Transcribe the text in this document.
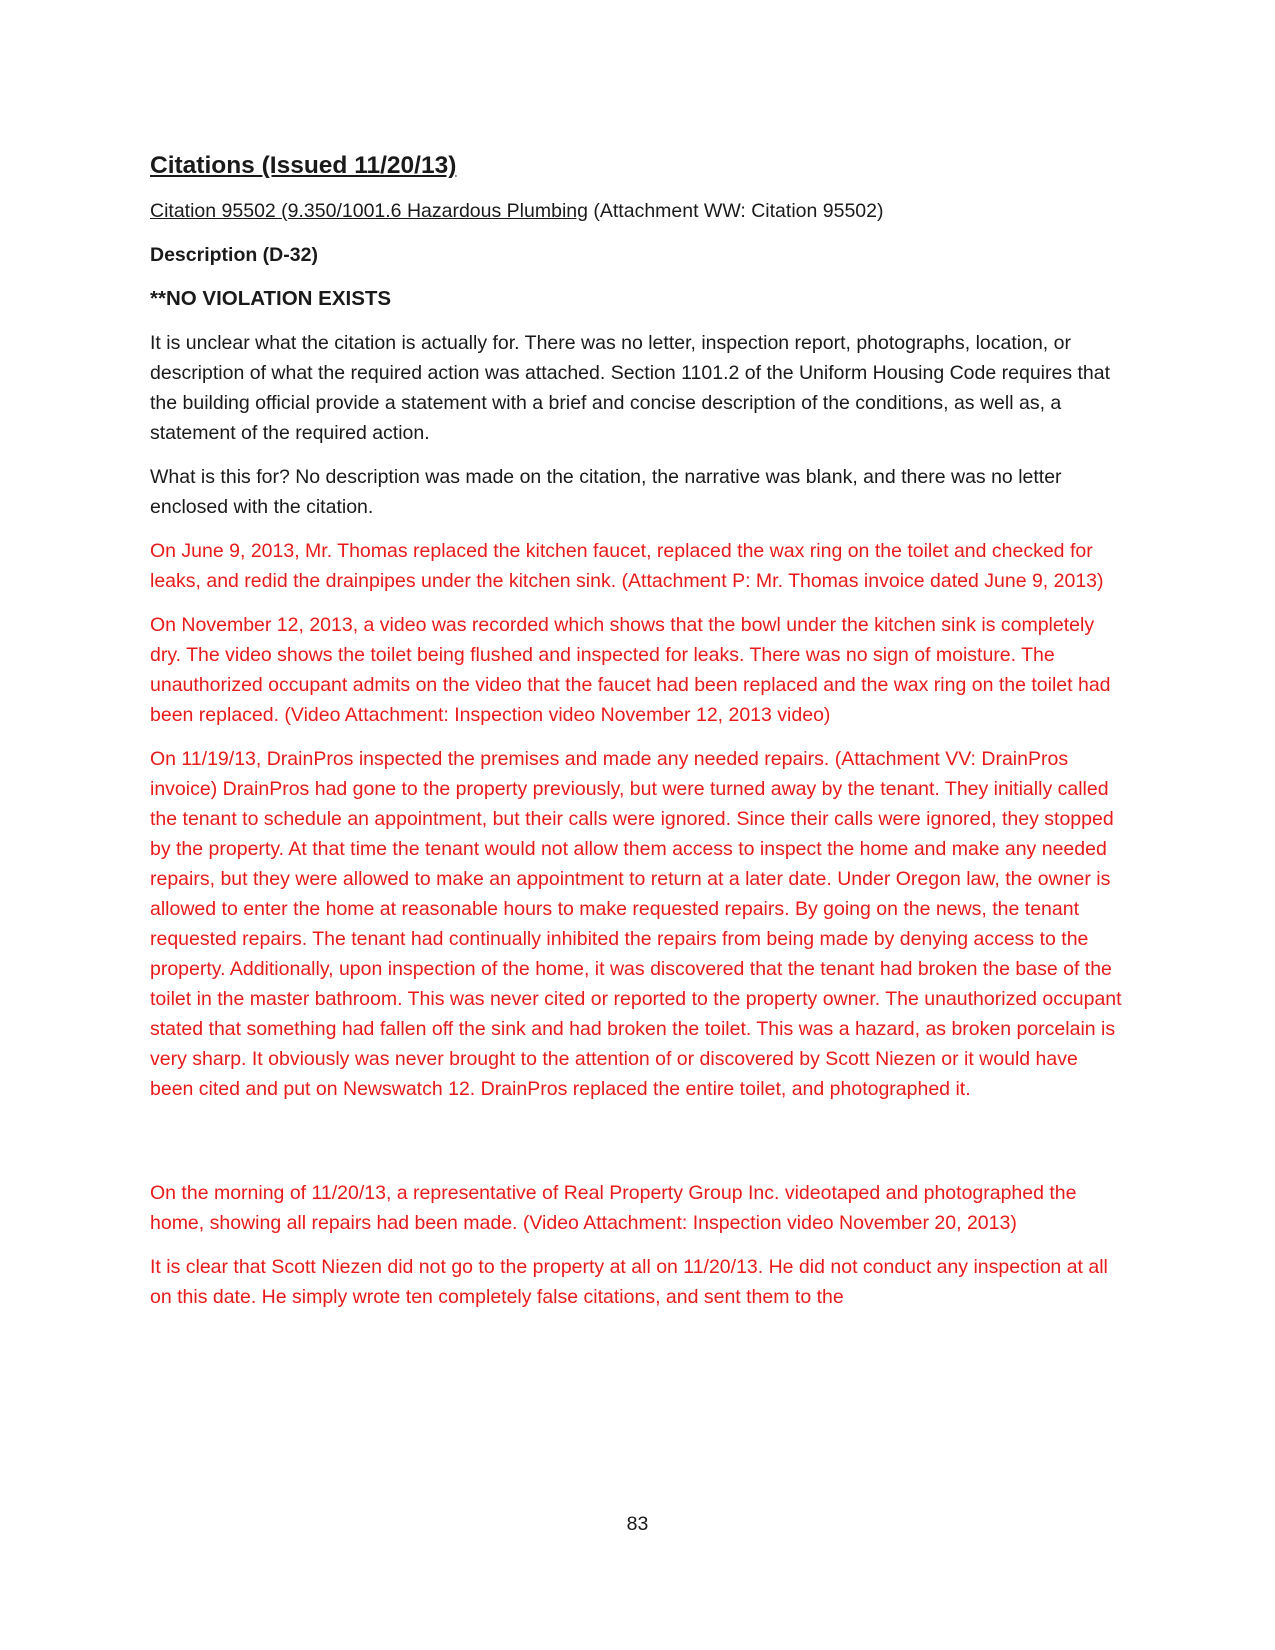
Citations (Issued 11/20/13)
Citation 95502 (9.350/1001.6 Hazardous Plumbing (Attachment WW: Citation 95502)
Description (D-32)
**NO VIOLATION EXISTS
It is unclear what the citation is actually for. There was no letter, inspection report, photographs, location, or description of what the required action was attached. Section 1101.2 of the Uniform Housing Code requires that the building official provide a statement with a brief and concise description of the conditions, as well as, a statement of the required action.
What is this for? No description was made on the citation, the narrative was blank, and there was no letter enclosed with the citation.
On June 9, 2013, Mr. Thomas replaced the kitchen faucet, replaced the wax ring on the toilet and checked for leaks, and redid the drainpipes under the kitchen sink. (Attachment P: Mr. Thomas invoice dated June 9, 2013)
On November 12, 2013, a video was recorded which shows that the bowl under the kitchen sink is completely dry. The video shows the toilet being flushed and inspected for leaks. There was no sign of moisture. The unauthorized occupant admits on the video that the faucet had been replaced and the wax ring on the toilet had been replaced. (Video Attachment: Inspection video November 12, 2013 video)
On 11/19/13, DrainPros inspected the premises and made any needed repairs. (Attachment VV: DrainPros invoice) DrainPros had gone to the property previously, but were turned away by the tenant. They initially called the tenant to schedule an appointment, but their calls were ignored. Since their calls were ignored, they stopped by the property. At that time the tenant would not allow them access to inspect the home and make any needed repairs, but they were allowed to make an appointment to return at a later date. Under Oregon law, the owner is allowed to enter the home at reasonable hours to make requested repairs. By going on the news, the tenant requested repairs. The tenant had continually inhibited the repairs from being made by denying access to the property. Additionally, upon inspection of the home, it was discovered that the tenant had broken the base of the toilet in the master bathroom. This was never cited or reported to the property owner. The unauthorized occupant stated that something had fallen off the sink and had broken the toilet. This was a hazard, as broken porcelain is very sharp. It obviously was never brought to the attention of or discovered by Scott Niezen or it would have been cited and put on Newswatch 12. DrainPros replaced the entire toilet, and photographed it.
On the morning of 11/20/13, a representative of Real Property Group Inc. videotaped and photographed the home, showing all repairs had been made. (Video Attachment: Inspection video November 20, 2013)
It is clear that Scott Niezen did not go to the property at all on 11/20/13. He did not conduct any inspection at all on this date. He simply wrote ten completely false citations, and sent them to the
83
